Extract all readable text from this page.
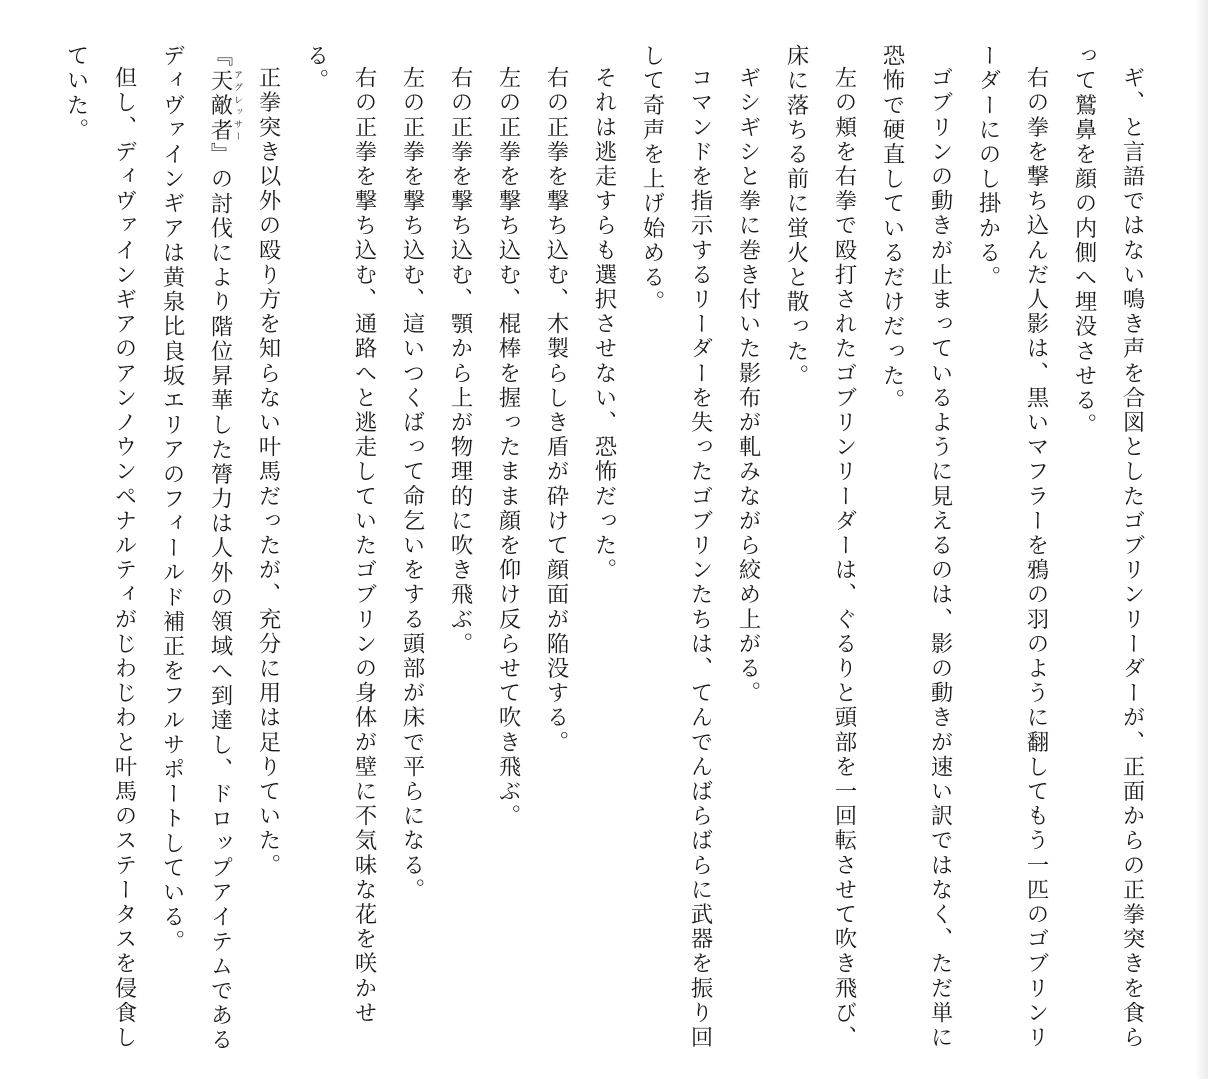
ギ、と言語ではない鳴き声を合図としたゴブリンリーダーが、正面からの正拳突きを食らって鷲鼻を顔の内側へ埋没させる。

右の拳を撃ち込んだ人影は、黒いマフラーを鴉の羽のように翻してもう一匹のゴブリンリーダーにのし掛かる。

ゴブリンの動きが止まっているように見えるのは、影の動きが速い訳ではなく、ただ単に恐怖で硬直しているだけだった。

左の頬を右拳で殴打されたゴブリンリーダーは、ぐるりと頭部を一回転させて吹き飛び、床に落ちる前に蛍火と散った。

ギシギシと拳に巻き付いた影布が軋みながら絞め上がる。

コマンドを指示するリーダーを失ったゴブリンたちは、てんでんばらばらに武器を振り回して奇声を上げ始める。

それは逃走すらも選択させない、恐怖だった。

右の正拳を撃ち込む、木製らしき盾が砕けて顔面が陥没する。

左の正拳を撃ち込む、棍棒を握ったまま顔を仰け反らせて吹き飛ぶ。

右の正拳を撃ち込む、顎から上が物理的に吹き飛ぶ。

左の正拳を撃ち込む、這いつくばって命乞いをする頭部が床で平らになる。

右の正拳を撃ち込む、通路へと逃走していたゴブリンの身体が壁に不気味な花を咲かせる。

正拳突き以外の殴り方を知らない叶馬だったが、充分に用は足りていた。

『天敵者 アグレッサー』の討伐により階位昇華した膂力は人外の領域へ到達し、ドロップアイテムであるディヴァインギアは黄泉比良坂エリアのフィールド補正をフルサポートしている。

但し、ディヴァインギアのアンノウンペナルティがじわじわと叶馬のステータスを侵食していた。
